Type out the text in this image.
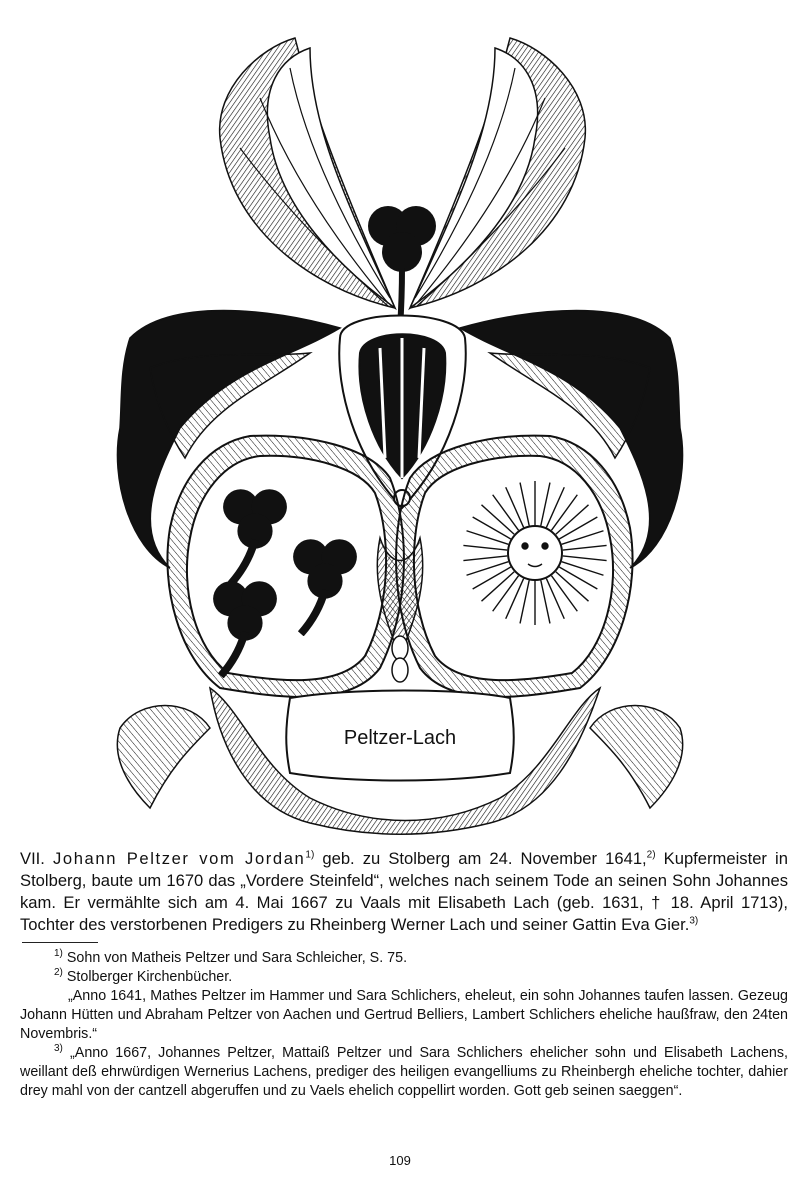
Peltzer-Lach

VII. Johann Peltzer vom Jordan$^{1)}$ geb. zu Stolberg am 24. November 1641,$^{2)}$ Kupfermeister in Stolberg, baute um 1670 das „Vordere Steinfeld“, welches nach seinem Tode an seinen Sohn Johannes kam. Er vermählte sich am 4. Mai 1667 zu Vaals mit Elisabeth Lach (geb. 1631, † 18. April 1713), Tochter des verstorbenen Predigers zu Rheinberg Werner Lach und seiner Gattin Eva Gier.$^{3)}$

$^{1)}$ Sohn von Matheis Peltzer und Sara Schleicher, S. 75.

$^{2)}$ Stolberger Kirchenbücher.

„Anno 1641, Mathes Peltzer im Hammer und Sara Schlichers, eheleut, ein sohn Johannes taufen lassen. Gezeug Johann Hütten und Abraham Peltzer von Aachen und Gertrud Belliers, Lambert Schlichers eheliche haußfraw, den 24ten Novembris.“

$^{3)}$ „Anno 1667, Johannes Peltzer, Mattaiß Peltzer und Sara Schlichers ehelicher sohn und Elisabeth Lachens, weillant deß ehrwürdigen Wernerius Lachens, prediger des heiligen evangelliums zu Rheinbergh eheliche tochter, dahier drey mahl von der cantzell abgeruffen und zu Vaels ehelich coppellirt worden. Gott geb seinen saeggen“.

109
